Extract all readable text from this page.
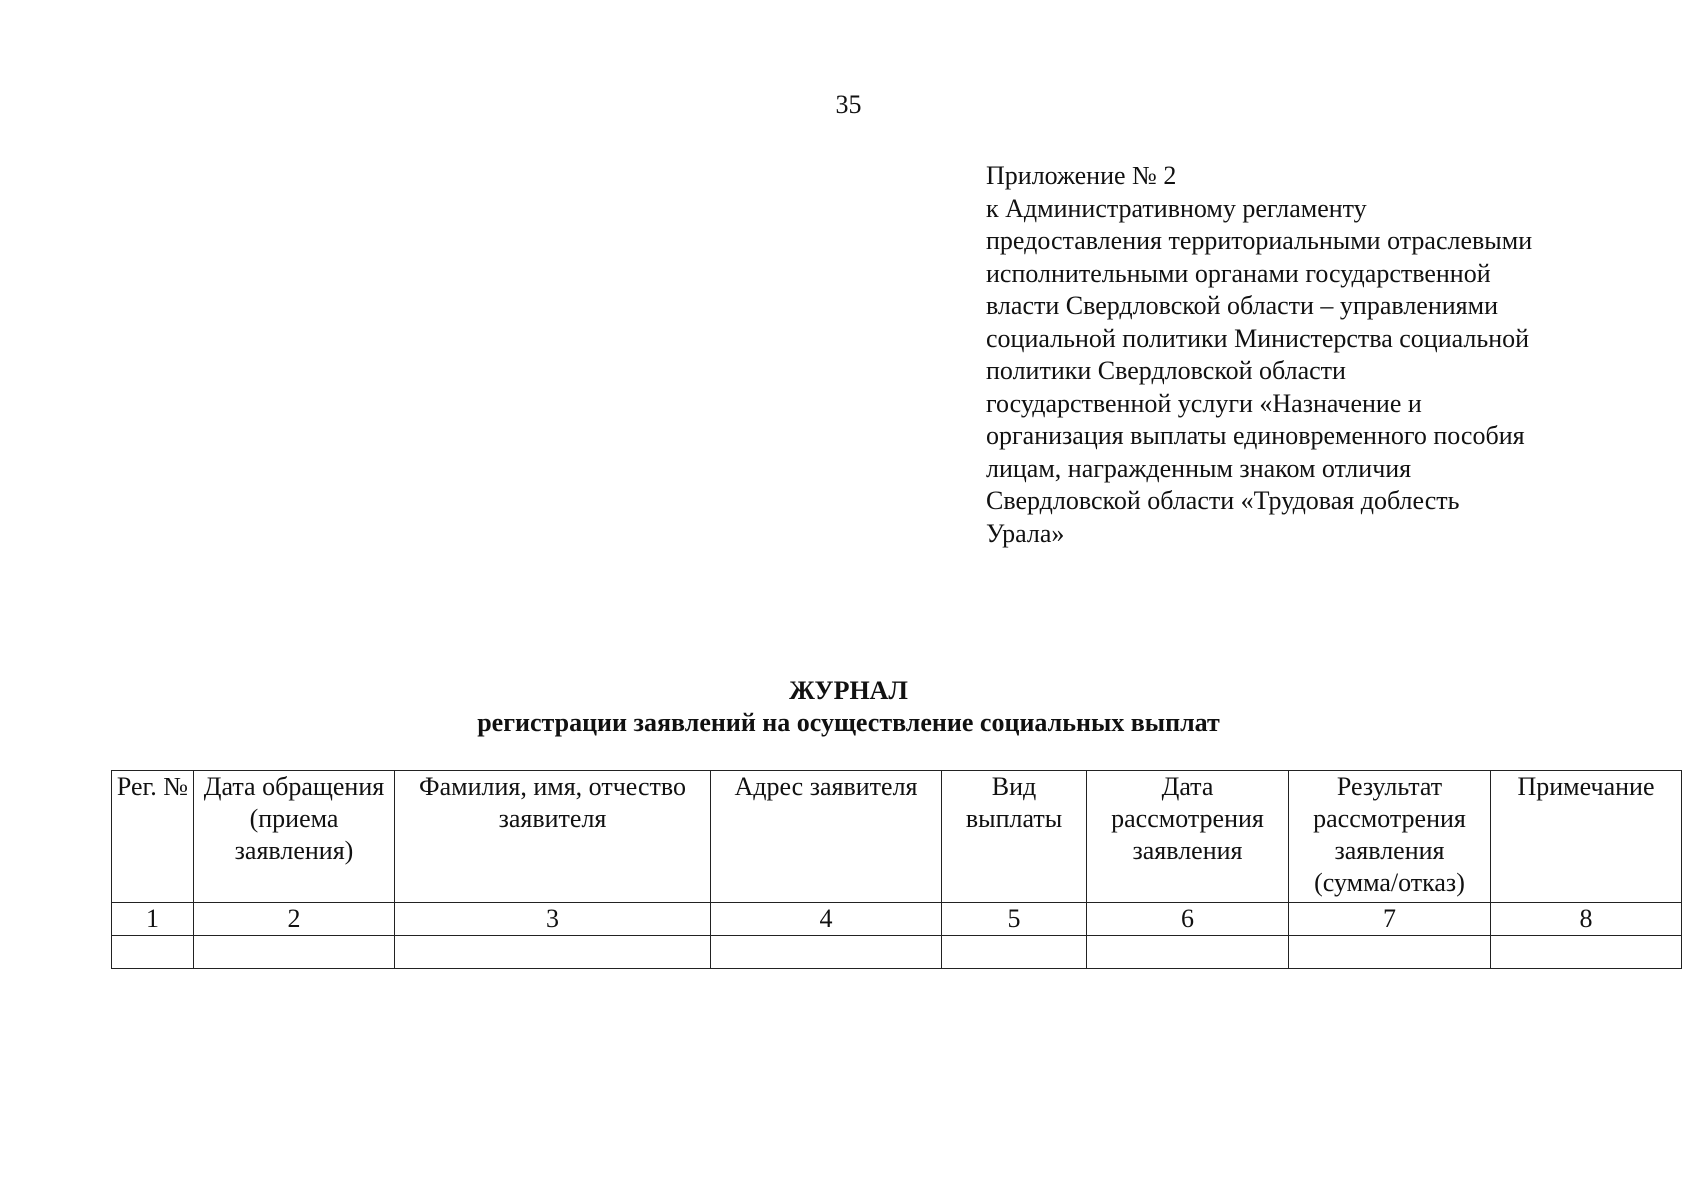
35
Приложение № 2
к Административному регламенту
предоставления территориальными отраслевыми
исполнительными органами государственной
власти Свердловской области – управлениями
социальной политики Министерства социальной
политики Свердловской области
государственной услуги «Назначение и
организация выплаты единовременного пособия
лицам, награжденным знаком отличия
Свердловской области «Трудовая доблесть
Урала»
ЖУРНАЛ
регистрации заявлений на осуществление социальных выплат
Рег. №	Дата обращения (приема заявления)	Фамилия, имя, отчество заявителя	Адрес заявителя	Вид выплаты	Дата рассмотрения заявления	Результат рассмотрения заявления (сумма/отказ)	Примечание
1	2	3	4	5	6	7	8
